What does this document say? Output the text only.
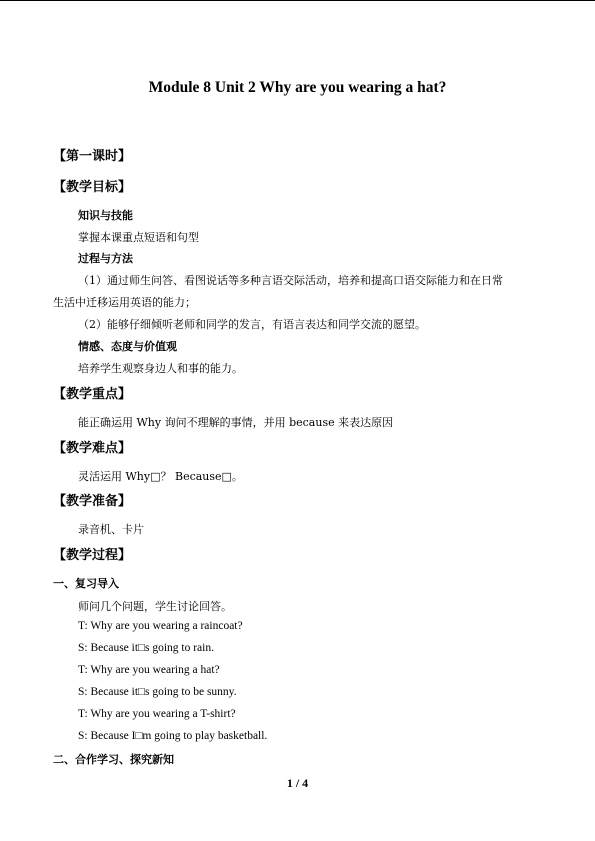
Module 8 Unit 2 Why are you wearing a hat?
【第一课时】
【教学目标】
知识与技能
掌握本课重点短语和句型
过程与方法
（1）通过师生问答、看图说话等多种言语交际活动，培养和提高口语交际能力和在日常
生活中迁移运用英语的能力；
（2）能够仔细倾听老师和同学的发言，有语言表达和同学交流的愿望。
情感、态度与价值观
培养学生观察身边人和事的能力。
【教学重点】
能正确运用 Why 询问不理解的事情，并用 because 来表达原因
【教学难点】
灵活运用 Why□？ Because□。
【教学准备】
录音机、卡片
【教学过程】
一、复习导入
师问几个问题，学生讨论回答。
T: Why are you wearing a raincoat?
S: Because it□s going to rain.
T: Why are you wearing a hat?
S: Because it□s going to be sunny.
T: Why are you wearing a T-shirt?
S: Because I□m going to play basketball.
二、合作学习、探究新知
1 / 4
